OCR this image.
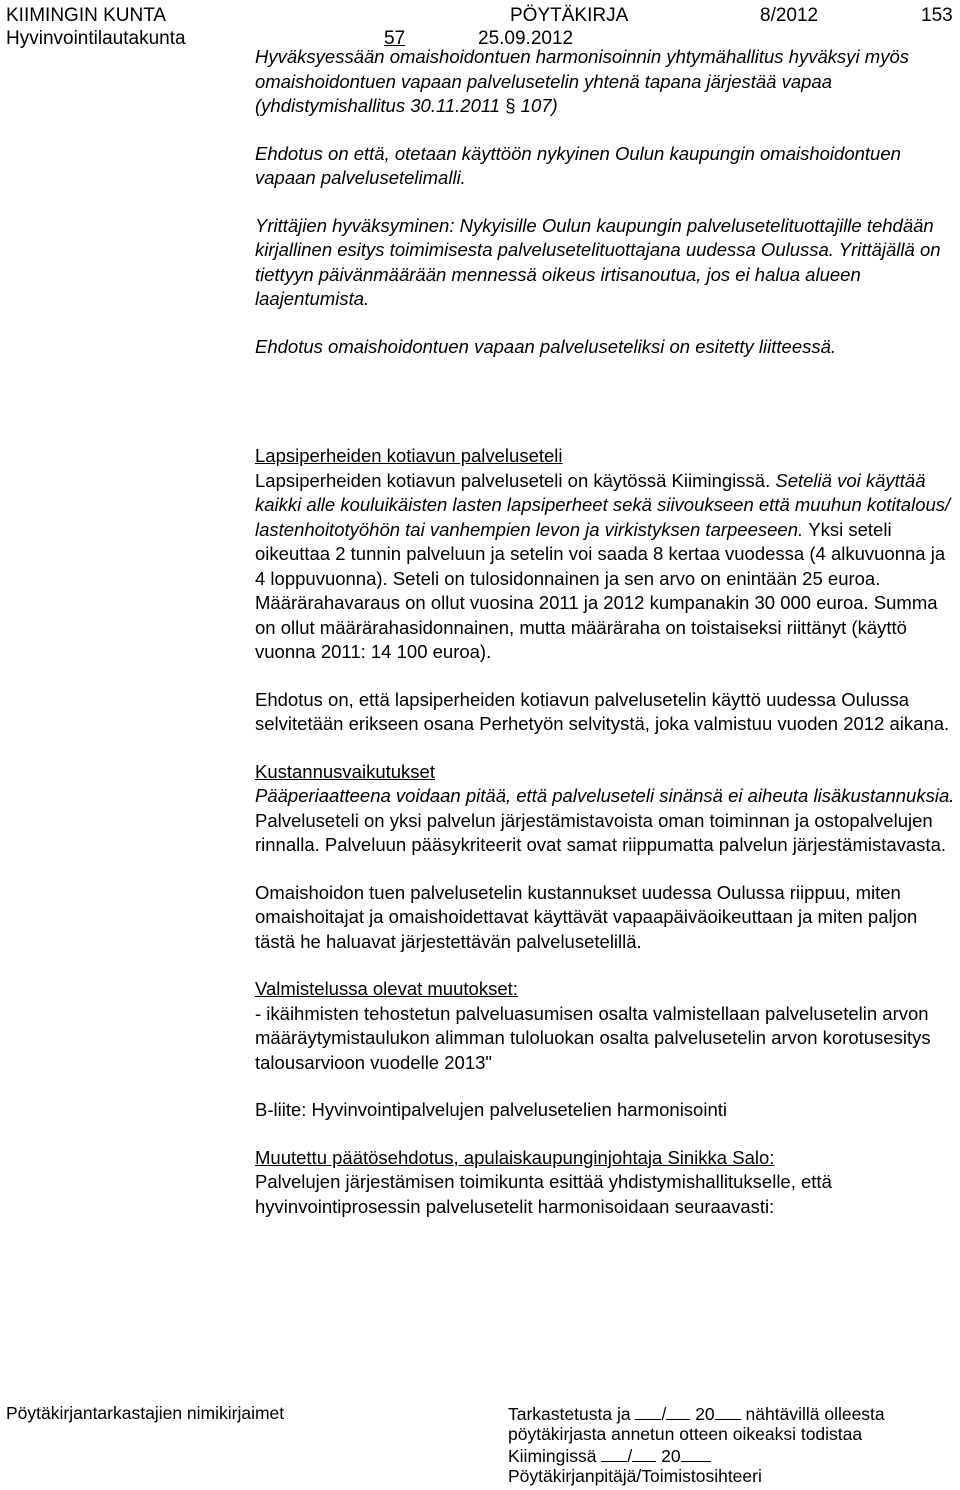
KIIMINGIN KUNTA	PÖYTÄKIRJA	8/2012	153
Hyvinvointilautakunta	57	25.09.2012

Hyväksyessään omaishoidontuen harmonisoinnin yhtymähallitus hyväksyi myös omaishoidontuen vapaan palvelusetelin yhtenä tapana järjestää vapaa (yhdistymishallitus 30.11.2011 § 107)

Ehdotus on että, otetaan käyttöön nykyinen Oulun kaupungin omaishoidontuen vapaan palvelusetelimalli.

Yrittäjien hyväksyminen: Nykyisille Oulun kaupungin palvelusetelituottajille tehdään kirjallinen esitys toimimisesta palvelusetelituottajana uudessa Oulussa. Yrittäjällä on tiettyyn päivänmäärään mennessä oikeus irtisanoutua, jos ei halua alueen laajentumista.

Ehdotus omaishoidontuen vapaan palveluseteliksi on esitetty liitteessä.

Lapsiperheiden kotiavun palveluseteli

Lapsiperheiden kotiavun palveluseteli on käytössä Kiimingissä. Seteliä voi käyttää kaikki alle kouluikäisten lasten lapsiperheet sekä siivoukseen että muuhun kotitalous/ lastenhoitotyöhön tai vanhempien levon ja virkistyksen tarpeeseen. Yksi seteli oikeuttaa 2 tunnin palveluun ja setelin voi saada 8 kertaa vuodessa (4 alkuvuonna ja 4 loppuvuonna). Seteli on tulosidonnainen ja sen arvo on enintään 25 euroa. Määrärahavaraus on ollut vuosina 2011 ja 2012 kumpanakin 30 000 euroa. Summa on ollut määrärahasidonnainen, mutta määräraha on toistaiseksi riittänyt (käyttö vuonna 2011: 14 100 euroa).

Ehdotus on, että lapsiperheiden kotiavun palvelusetelin käyttö uudessa Oulussa selvitetään erikseen osana Perhetyön selvitystä, joka valmistuu vuoden 2012 aikana.

Kustannusvaikutukset

Pääperiaatteena voidaan pitää, että palveluseteli sinänsä ei aiheuta lisäkustannuksia. Palveluseteli on yksi palvelun järjestämistavoista oman toiminnan ja ostopalvelujen rinnalla. Palveluun pääsykriteerit ovat samat riippumatta palvelun järjestämistavasta.

Omaishoidon tuen palvelusetelin kustannukset uudessa Oulussa riippuu, miten omaishoitajat ja omaishoidettavat käyttävät vapaapäiväoikeuttaan ja miten paljon tästä he haluavat järjestettävän palvelusetelillä.

Valmistelussa olevat muutokset:

- ikäihmisten tehostetun palveluasumisen osalta valmistellaan palvelusetelin arvon määräytymistaulukon alimman tuloluokan osalta palvelusetelin arvon korotusesitys talousarvioon vuodelle 2013"

B-liite: Hyvinvointipalvelujen palvelusetelien harmonisointi

Muutettu päätösehdotus, apulaiskaupunginjohtaja Sinikka Salo:

Palvelujen järjestämisen toimikunta esittää yhdistymishallitukselle, että hyvinvointiprosessin palvelusetelit harmonisoidaan seuraavasti:

Pöytäkirjantarkastajien nimikirjaimet	Tarkastetusta ja / 20 nähtävillä olleesta
pöytäkirjasta annetun otteen oikeaksi todistaa
Kiimingissä / 20
Pöytäkirjanpitäjä/Toimistosihteeri
